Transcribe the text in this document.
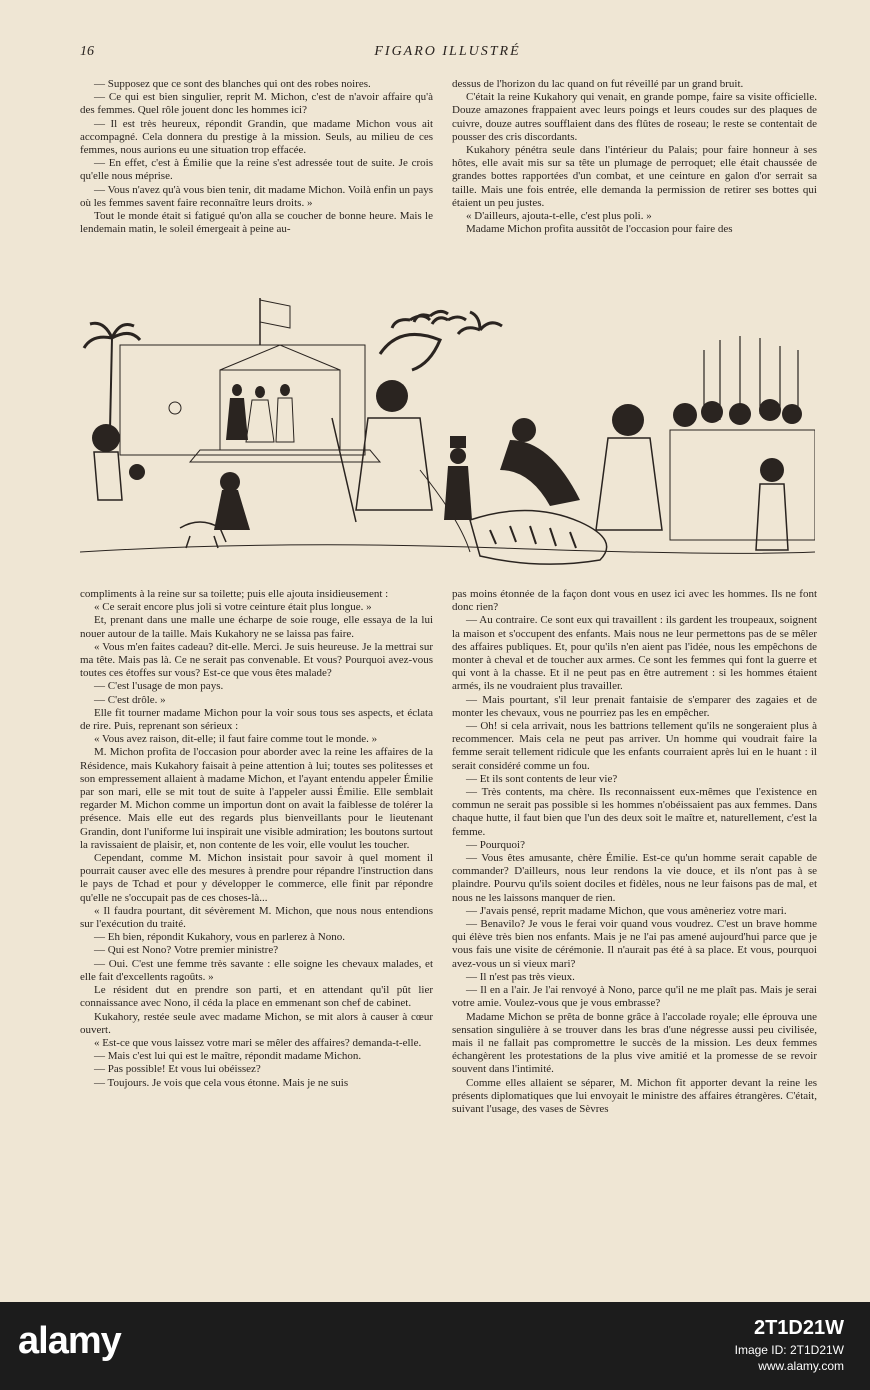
16	FIGARO ILLUSTRÉ

— Supposez que ce sont des blanches qui ont des robes noires.

— Ce qui est bien singulier, reprit M. Michon, c'est de n'avoir affaire qu'à des femmes. Quel rôle jouent donc les hommes ici?

— Il est très heureux, répondit Grandin, que madame Michon vous ait accompagné. Cela donnera du prestige à la mission. Seuls, au milieu de ces femmes, nous aurions eu une situation trop effacée.

— En effet, c'est à Émilie que la reine s'est adressée tout de suite. Je crois qu'elle nous méprise.

— Vous n'avez qu'à vous bien tenir, dit madame Michon. Voilà enfin un pays où les femmes savent faire reconnaître leurs droits. »

Tout le monde était si fatigué qu'on alla se coucher de bonne heure. Mais le lendemain matin, le soleil émergeait à peine au-

dessus de l'horizon du lac quand on fut réveillé par un grand bruit.

C'était la reine Kukahory qui venait, en grande pompe, faire sa visite officielle. Douze amazones frappaient avec leurs poings et leurs coudes sur des plaques de cuivre, douze autres soufflaient dans des flûtes de roseau; le reste se contentait de pousser des cris discordants.

Kukahory pénétra seule dans l'intérieur du Palais; pour faire honneur à ses hôtes, elle avait mis sur sa tête un plumage de perroquet; elle était chaussée de grandes bottes rapportées d'un combat, et une ceinture en galon d'or serrait sa taille. Mais une fois entrée, elle demanda la permission de retirer ses bottes qui étaient un peu justes.

« D'ailleurs, ajouta-t-elle, c'est plus poli. »

Madame Michon profita aussitôt de l'occasion pour faire des

compliments à la reine sur sa toilette; puis elle ajouta insidieusement :

« Ce serait encore plus joli si votre ceinture était plus longue. »

Et, prenant dans une malle une écharpe de soie rouge, elle essaya de la lui nouer autour de la taille. Mais Kukahory ne se laissa pas faire.

« Vous m'en faites cadeau? dit-elle. Merci. Je suis heureuse. Je la mettrai sur ma tête. Mais pas là. Ce ne serait pas convenable. Et vous? Pourquoi avez-vous toutes ces étoffes sur vous? Est-ce que vous êtes malade?

— C'est l'usage de mon pays.

— C'est drôle. »

Elle fit tourner madame Michon pour la voir sous tous ses aspects, et éclata de rire. Puis, reprenant son sérieux :

« Vous avez raison, dit-elle; il faut faire comme tout le monde. »

M. Michon profita de l'occasion pour aborder avec la reine les affaires de la Résidence, mais Kukahory faisait à peine attention à lui; toutes ses politesses et son empressement allaient à madame Michon, et l'ayant entendu appeler Émilie par son mari, elle se mit tout de suite à l'appeler aussi Émilie. Elle semblait regarder M. Michon comme un importun dont on avait la faiblesse de tolérer la présence. Mais elle eut des regards plus bienveillants pour le lieutenant Grandin, dont l'uniforme lui inspirait une visible admiration; les boutons surtout la ravissaient de plaisir, et, non contente de les voir, elle voulut les toucher.

Cependant, comme M. Michon insistait pour savoir à quel moment il pourrait causer avec elle des mesures à prendre pour répandre l'instruction dans le pays de Tchad et pour y développer le commerce, elle finit par répondre qu'elle ne s'occupait pas de ces choses-là...

« Il faudra pourtant, dit sévèrement M. Michon, que nous nous entendions sur l'exécution du traité.

— Eh bien, répondit Kukahory, vous en parlerez à Nono.

— Qui est Nono? Votre premier ministre?

— Oui. C'est une femme très savante : elle soigne les chevaux malades, et elle fait d'excellents ragoûts. »

Le résident dut en prendre son parti, et en attendant qu'il pût lier connaissance avec Nono, il céda la place en emmenant son chef de cabinet.

Kukahory, restée seule avec madame Michon, se mit alors à causer à cœur ouvert.

« Est-ce que vous laissez votre mari se mêler des affaires? demanda-t-elle.

— Mais c'est lui qui est le maître, répondit madame Michon.

— Pas possible! Et vous lui obéissez?

— Toujours. Je vois que cela vous étonne. Mais je ne suis

pas moins étonnée de la façon dont vous en usez ici avec les hommes. Ils ne font donc rien?

— Au contraire. Ce sont eux qui travaillent : ils gardent les troupeaux, soignent la maison et s'occupent des enfants. Mais nous ne leur permettons pas de se mêler des affaires publiques. Et, pour qu'ils n'en aient pas l'idée, nous les empêchons de monter à cheval et de toucher aux armes. Ce sont les femmes qui font la guerre et qui vont à la chasse. Et il ne peut pas en être autrement : si les hommes étaient armés, ils ne voudraient plus travailler.

— Mais pourtant, s'il leur prenait fantaisie de s'emparer des zagaies et de monter les chevaux, vous ne pourriez pas les en empêcher.

— Oh! si cela arrivait, nous les battrions tellement qu'ils ne songeraient plus à recommencer. Mais cela ne peut pas arriver. Un homme qui voudrait faire la femme serait tellement ridicule que les enfants courraient après lui en le huant : il serait considéré comme un fou.

— Et ils sont contents de leur vie?

— Très contents, ma chère. Ils reconnaissent eux-mêmes que l'existence en commun ne serait pas possible si les hommes n'obéissaient pas aux femmes. Dans chaque hutte, il faut bien que l'un des deux soit le maître et, naturellement, c'est la femme.

— Pourquoi?

— Vous êtes amusante, chère Émilie. Est-ce qu'un homme serait capable de commander? D'ailleurs, nous leur rendons la vie douce, et ils n'ont pas à se plaindre. Pourvu qu'ils soient dociles et fidèles, nous ne leur faisons pas de mal, et nous ne les laissons manquer de rien.

— J'avais pensé, reprit madame Michon, que vous amèneriez votre mari.

— Benavilo? Je vous le ferai voir quand vous voudrez. C'est un brave homme qui élève très bien nos enfants. Mais je ne l'ai pas amené aujourd'hui parce que je vous fais une visite de cérémonie. Il n'aurait pas été à sa place. Et vous, pourquoi avez-vous un si vieux mari?

— Il n'est pas très vieux.

— Il en a l'air. Je l'ai renvoyé à Nono, parce qu'il ne me plaît pas. Mais je serai votre amie. Voulez-vous que je vous embrasse?

Madame Michon se prêta de bonne grâce à l'accolade royale; elle éprouva une sensation singulière à se trouver dans les bras d'une négresse aussi peu civilisée, mais il ne fallait pas compromettre le succès de la mission. Les deux femmes échangèrent les protestations de la plus vive amitié et la promesse de se revoir souvent dans l'intimité.

Comme elles allaient se séparer, M. Michon fit apporter devant la reine les présents diplomatiques que lui envoyait le ministre des affaires étrangères. C'était, suivant l'usage, des vases de Sèvres

alamy	2T1D21W
Image ID: 2T1D21W
www.alamy.com
